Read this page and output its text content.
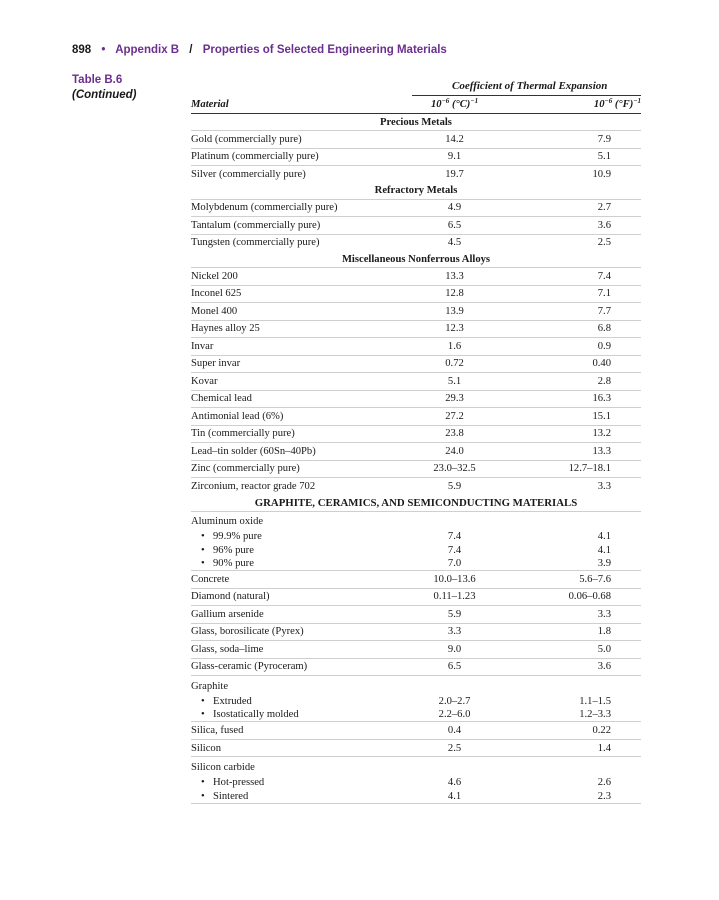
898 • Appendix B / Properties of Selected Engineering Materials
Table B.6
(Continued)
	Coefficient of Thermal Expansion	
Material	$10^{-6}$ $(^\circ C)^{-1}$	$10^{-6}$ $(^\circ F)^{-1}$
Precious Metals		
Gold (commercially pure)	14.2	7.9
Platinum (commercially pure)	9.1	5.1
Silver (commercially pure)	19.7	10.9
Refractory Metals		
Molybdenum (commercially pure)	4.9	2.7
Tantalum (commercially pure)	6.5	3.6
Tungsten (commercially pure)	4.5	2.5
Miscellaneous Nonferrous Alloys		
Nickel 200	13.3	7.4
Inconel 625	12.8	7.1
Monel 400	13.9	7.7
Haynes alloy 25	12.3	6.8
Invar	1.6	0.9
Super invar	0.72	0.40
Kovar	5.1	2.8
Chemical lead	29.3	16.3
Antimonial lead (6%)	27.2	15.1
Tin (commercially pure)	23.8	13.2
Lead–tin solder (60Sn–40Pb)	24.0	13.3
Zinc (commercially pure)	23.0–32.5	12.7–18.1
Zirconium, reactor grade 702	5.9	3.3
GRAPHITE, CERAMICS, AND SEMICONDUCTING MATERIALS		
Aluminum oxide		
• 99.9% pure	7.4	4.1
• 96% pure	7.4	4.1
• 90% pure	7.0	3.9
Concrete	10.0–13.6	5.6–7.6
Diamond (natural)	0.11–1.23	0.06–0.68
Gallium arsenide	5.9	3.3
Glass, borosilicate (Pyrex)	3.3	1.8
Glass, soda–lime	9.0	5.0
Glass-ceramic (Pyroceram)	6.5	3.6
Graphite		
• Extruded	2.0–2.7	1.1–1.5
• Isostatically molded	2.2–6.0	1.2–3.3
Silica, fused	0.4	0.22
Silicon	2.5	1.4
Silicon carbide		
• Hot-pressed	4.6	2.6
• Sintered	4.1	2.3
